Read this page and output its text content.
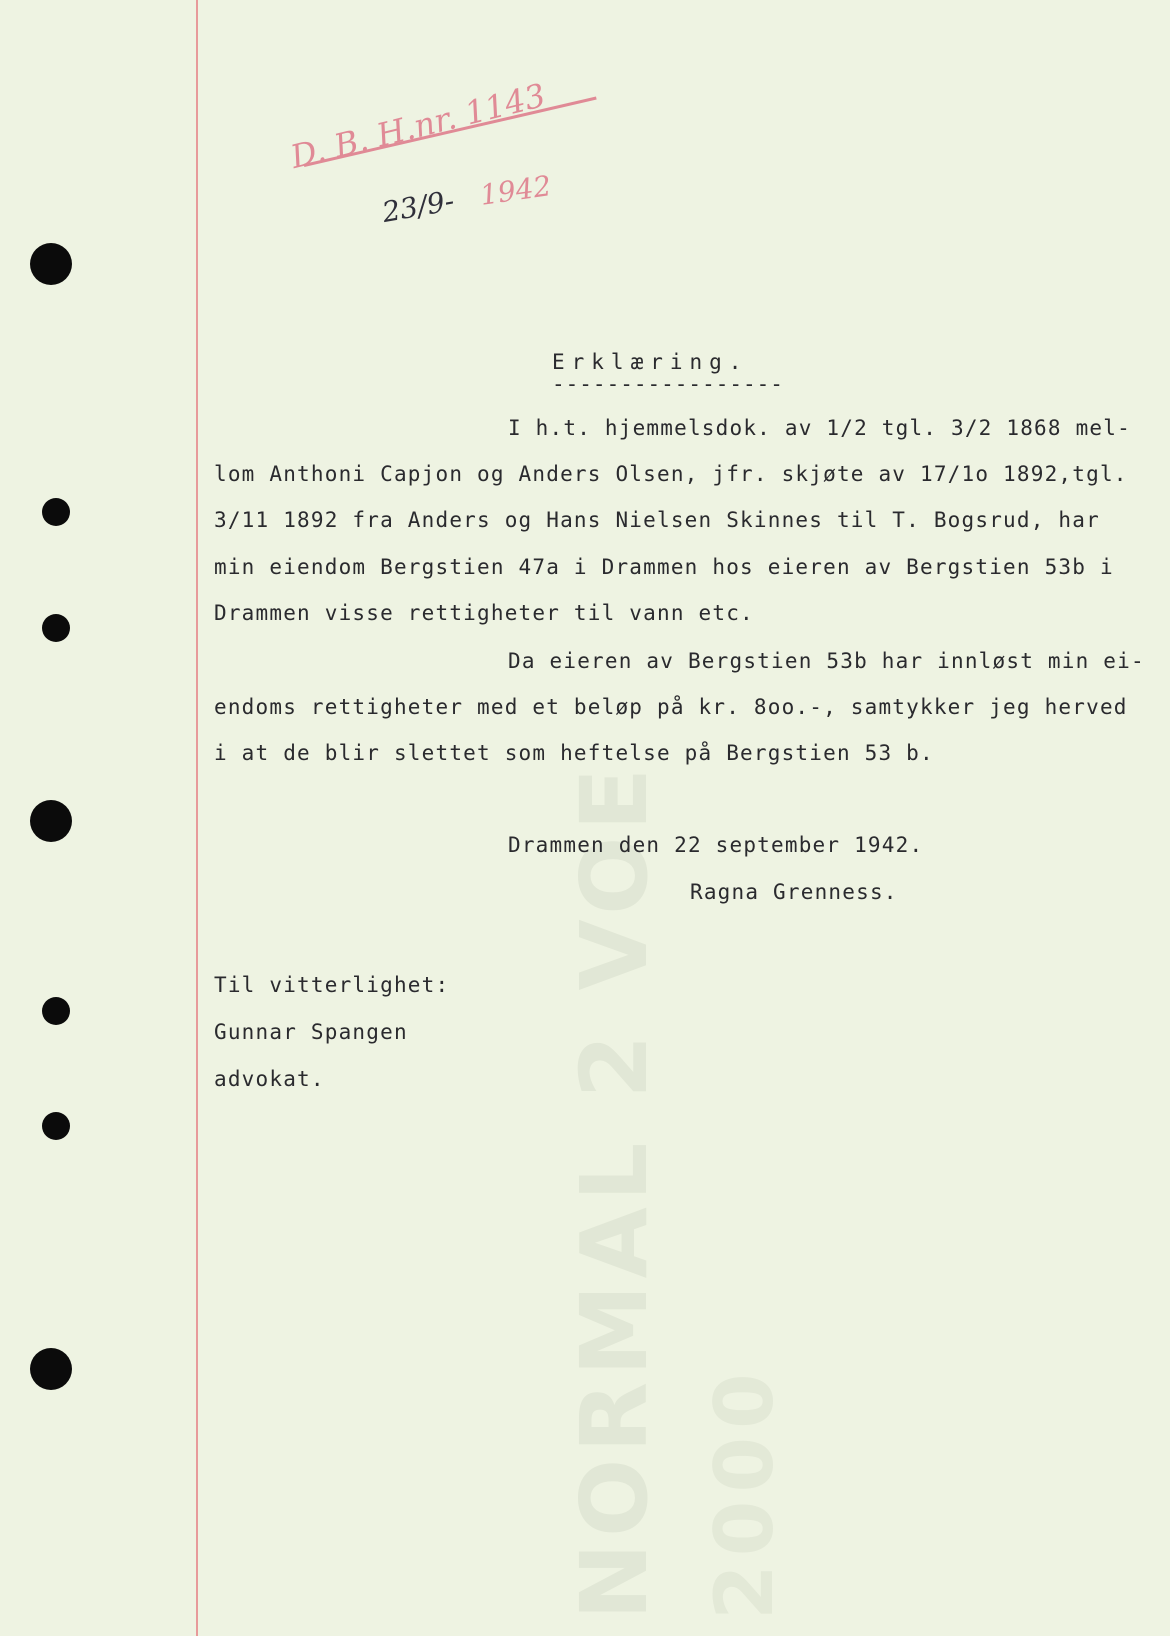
NORMAL 2 VOE 2000
D. B. H.nr. 1143
23/9- 1942
Erklæring.
-----------------
I h.t. hjemmelsdok. av 1/2 tgl. 3/2 1868 mel-
lom Anthoni Capjon og Anders Olsen, jfr. skjøte av 17/1o 1892,tgl.
3/11 1892 fra Anders og Hans Nielsen Skinnes til T. Bogsrud, har
min eiendom Bergstien 47a i Drammen hos eieren av Bergstien 53b i
Drammen visse rettigheter til vann etc.
Da eieren av Bergstien 53b har innløst min ei-
endoms rettigheter med et beløp på kr. 8oo.-, samtykker jeg herved
i at de blir slettet som heftelse på Bergstien 53 b.
Drammen den 22 september 1942.
Ragna Grenness.
Til vitterlighet:
Gunnar Spangen
advokat.
